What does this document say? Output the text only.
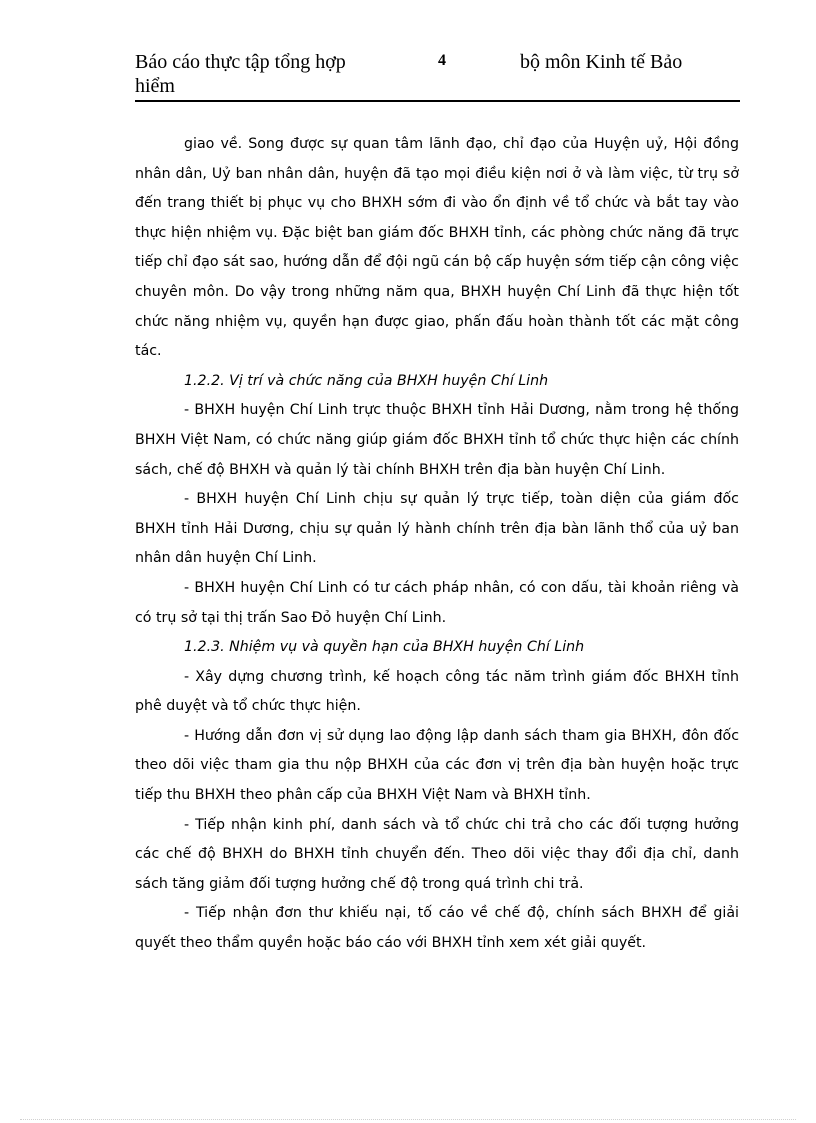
Báo cáo thực tập tổng hợp hiểm
4	bộ môn Kinh tế Bảo

giao về. Song được sự quan tâm lãnh đạo, chỉ đạo của Huyện uỷ, Hội đồng nhân dân, Uỷ ban nhân dân, huyện đã tạo mọi điều kiện nơi ở và làm việc, từ trụ sở đến trang thiết bị phục vụ cho BHXH sớm đi vào ổn định về tổ chức và bắt tay vào thực hiện nhiệm vụ. Đặc biệt ban giám đốc BHXH tỉnh, các phòng chức năng đã trực tiếp chỉ đạo sát sao, hướng dẫn để đội ngũ cán bộ cấp huyện sớm tiếp cận công việc chuyên môn. Do vậy trong những năm qua, BHXH huyện Chí Linh đã thực hiện tốt chức năng nhiệm vụ, quyền hạn được giao, phấn đấu hoàn thành tốt các mặt công tác.

1.2.2. Vị trí và chức năng của BHXH huyện Chí Linh

- BHXH huyện Chí Linh trực thuộc BHXH tỉnh Hải Dương, nằm trong hệ thống BHXH Việt Nam, có chức năng giúp giám đốc BHXH tỉnh tổ chức thực hiện các chính sách, chế độ BHXH và quản lý tài chính BHXH trên địa bàn huyện Chí Linh.

- BHXH huyện Chí Linh chịu sự quản lý trực tiếp, toàn diện của giám đốc BHXH tỉnh Hải Dương, chịu sự quản lý hành chính trên địa bàn lãnh thổ của uỷ ban nhân dân huyện Chí Linh.

- BHXH huyện Chí Linh có tư cách pháp nhân, có con dấu, tài khoản riêng và có trụ sở tại thị trấn Sao Đỏ huyện Chí Linh.

1.2.3. Nhiệm vụ và quyền hạn của BHXH huyện Chí Linh

- Xây dựng chương trình, kế hoạch công tác năm trình giám đốc BHXH tỉnh phê duyệt và tổ chức thực hiện.

- Hướng dẫn đơn vị sử dụng lao động lập danh sách tham gia BHXH, đôn đốc theo dõi việc tham gia thu nộp BHXH của các đơn vị trên địa bàn huyện hoặc trực tiếp thu BHXH theo phân cấp của BHXH Việt Nam và BHXH tỉnh.

- Tiếp nhận kinh phí, danh sách và tổ chức chi trả cho các đối tượng hưởng các chế độ BHXH do BHXH tỉnh chuyển đến. Theo dõi việc thay đổi địa chỉ, danh sách tăng giảm đối tượng hưởng chế độ trong quá trình chi trả.

- Tiếp nhận đơn thư khiếu nại, tố cáo về chế độ, chính sách BHXH để giải quyết theo thẩm quyền hoặc báo cáo với BHXH tỉnh xem xét giải quyết.
